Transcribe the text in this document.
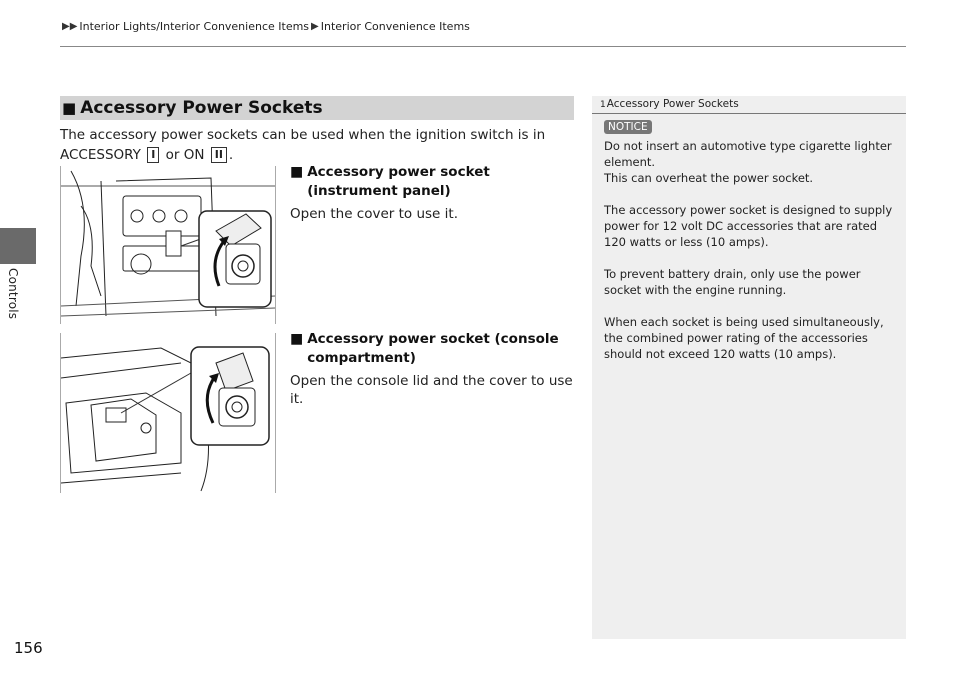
▶▶ Interior Lights/Interior Convenience Items ▶ Interior Convenience Items
Controls
156
■ Accessory Power Sockets
The accessory power sockets can be used when the ignition switch is in ACCESSORY I or ON II .
■ Accessory power socket (instrument panel)
Open the cover to use it.
■ Accessory power socket (console compartment)
Open the console lid and the cover to use it.
1Accessory Power Sockets
NOTICE

Do not insert an automotive type cigarette lighter element.
This can overheat the power socket.

The accessory power socket is designed to supply power for 12 volt DC accessories that are rated 120 watts or less (10 amps).

To prevent battery drain, only use the power socket with the engine running.

When each socket is being used simultaneously, the combined power rating of the accessories should not exceed 120 watts (10 amps).
